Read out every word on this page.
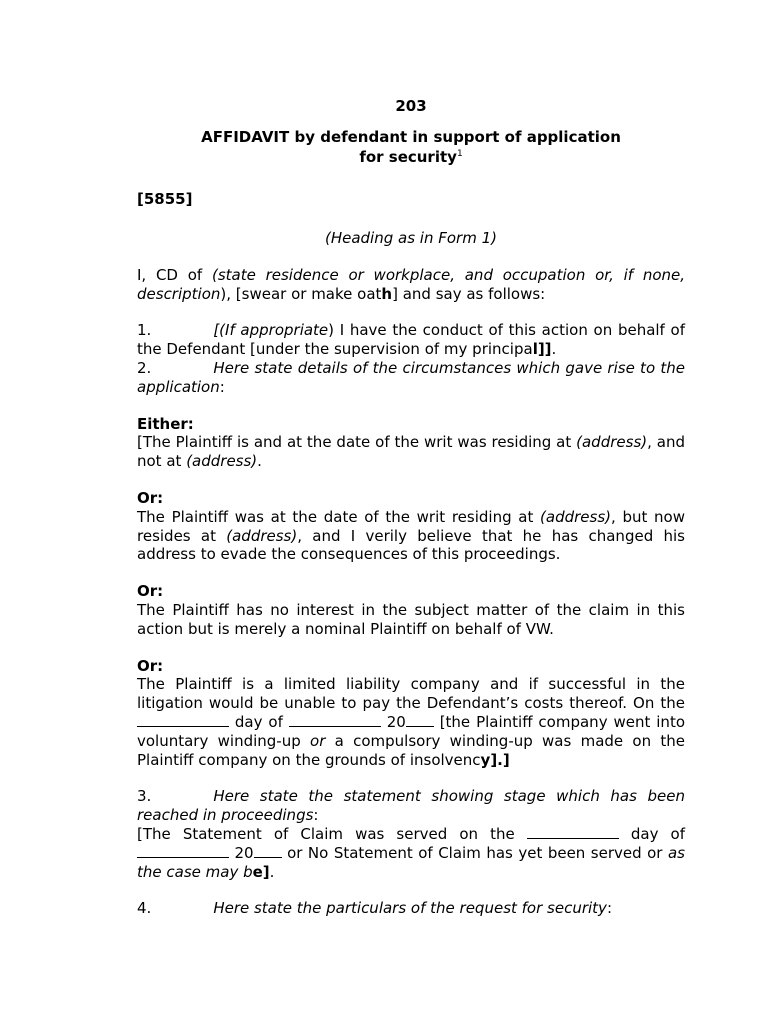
203

AFFIDAVIT by defendant in support of application
for security$^1$

[5855]

(Heading as in Form 1)

I, CD of (state residence or workplace, and occupation or, if none, description), [swear or make oath] and say as follows:

1.	[(If appropriate) I have the conduct of this action on behalf of the Defendant [under the supervision of my principal]].

2.	Here state details of the circumstances which gave rise to the application:

Either:

[The Plaintiff is and at the date of the writ was residing at (address), and not at (address).

Or:

The Plaintiff was at the date of the writ residing at (address), but now resides at (address), and I verily believe that he has changed his address to evade the consequences of this proceedings.

Or:

The Plaintiff has no interest in the subject matter of the claim in this action but is merely a nominal Plaintiff on behalf of VW.

Or:

The Plaintiff is a limited liability company and if successful in the litigation would be unable to pay the Defendant’s costs thereof. On the  day of	20 [the Plaintiff company went into voluntary winding-up or a compulsory winding-up was made on the Plaintiff company on the grounds of insolvency].]

3.	Here state the statement showing stage which has been reached in proceedings:

[The Statement of Claim was served on the	day of  20 or No Statement of Claim has yet been served or as the case may be].

4.	Here state the particulars of the request for security:
